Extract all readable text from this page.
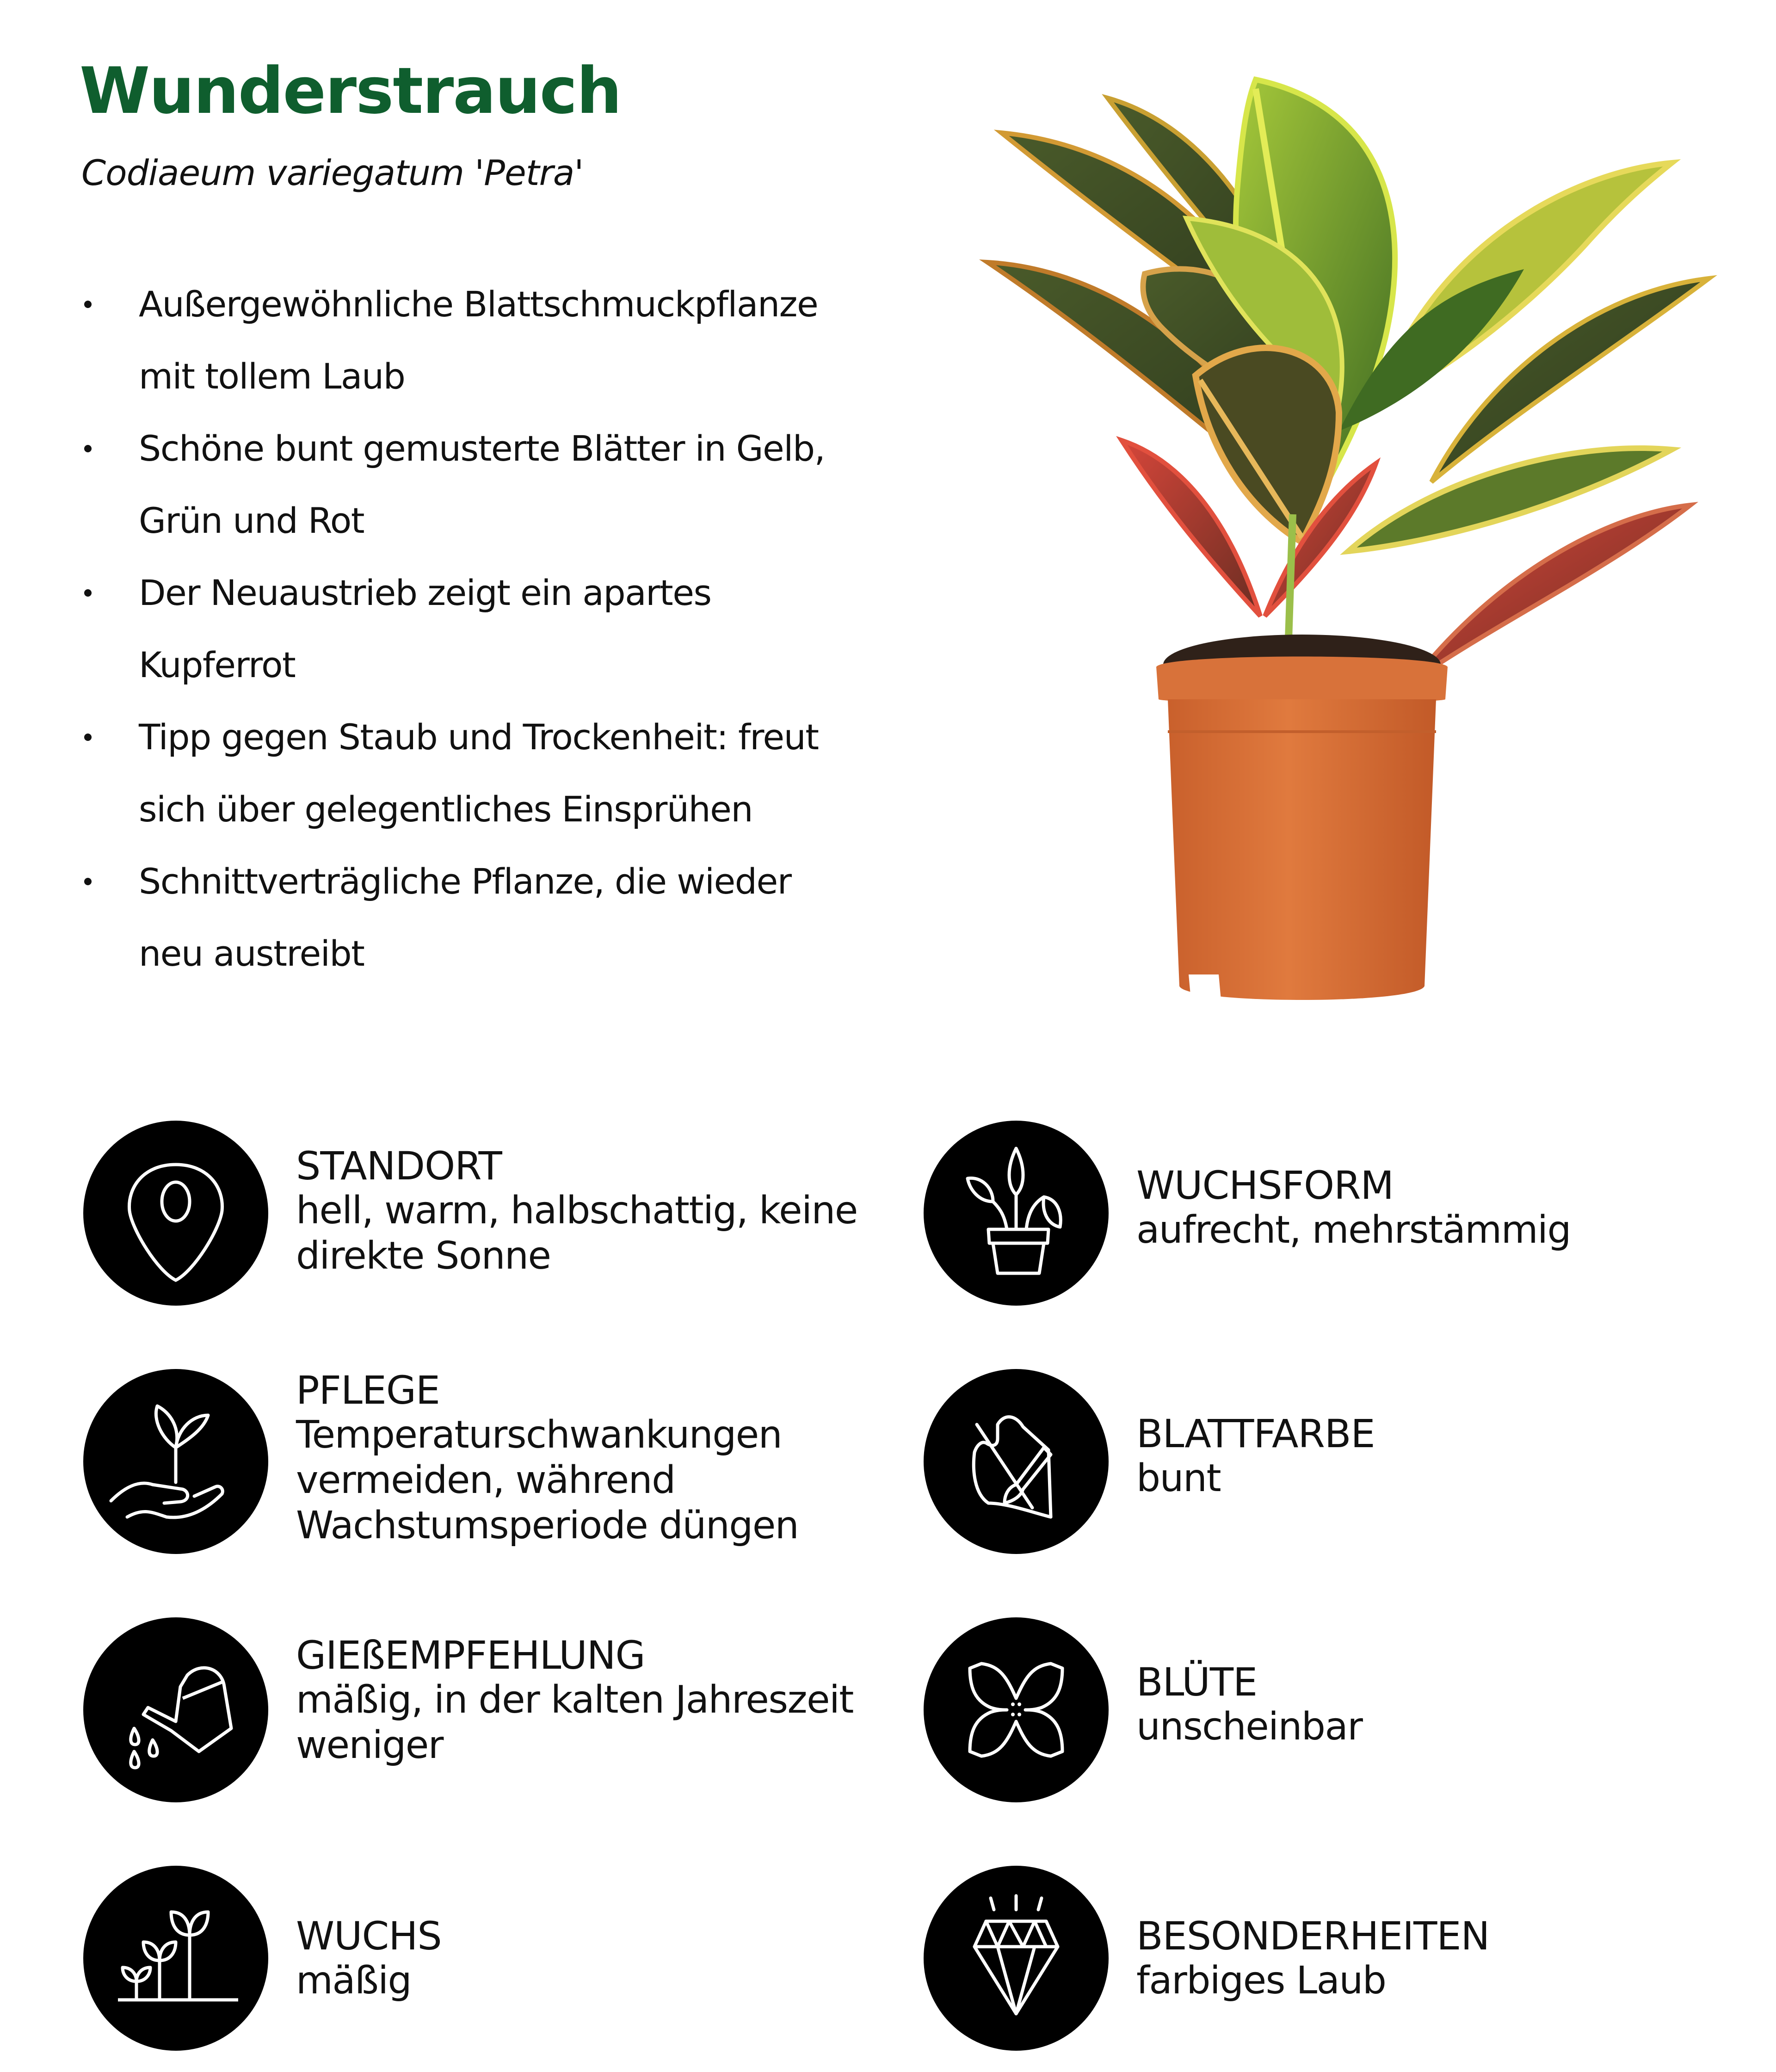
Wunderstrauch
Codiaeum variegatum 'Petra'
Außergewöhnliche Blattschmuckpflanze
mit tollem Laub
Schöne bunt gemusterte Blätter in Gelb,
Grün und Rot
Der Neuaustrieb zeigt ein apartes
Kupferrot
Tipp gegen Staub und Trockenheit: freut
sich über gelegentliches Einsprühen
Schnittverträgliche Pflanze, die wieder
neu austreibt
STANDORT
hell, warm, halbschattig, keine
direkte Sonne
PFLEGE
Temperaturschwankungen
vermeiden, während
Wachstumsperiode düngen
GIEßEMPFEHLUNG
mäßig, in der kalten Jahreszeit
weniger
WUCHS
mäßig
WUCHSFORM
aufrecht, mehrstämmig
BLATTFARBE
bunt
BLÜTE
unscheinbar
BESONDERHEITEN
farbiges Laub
